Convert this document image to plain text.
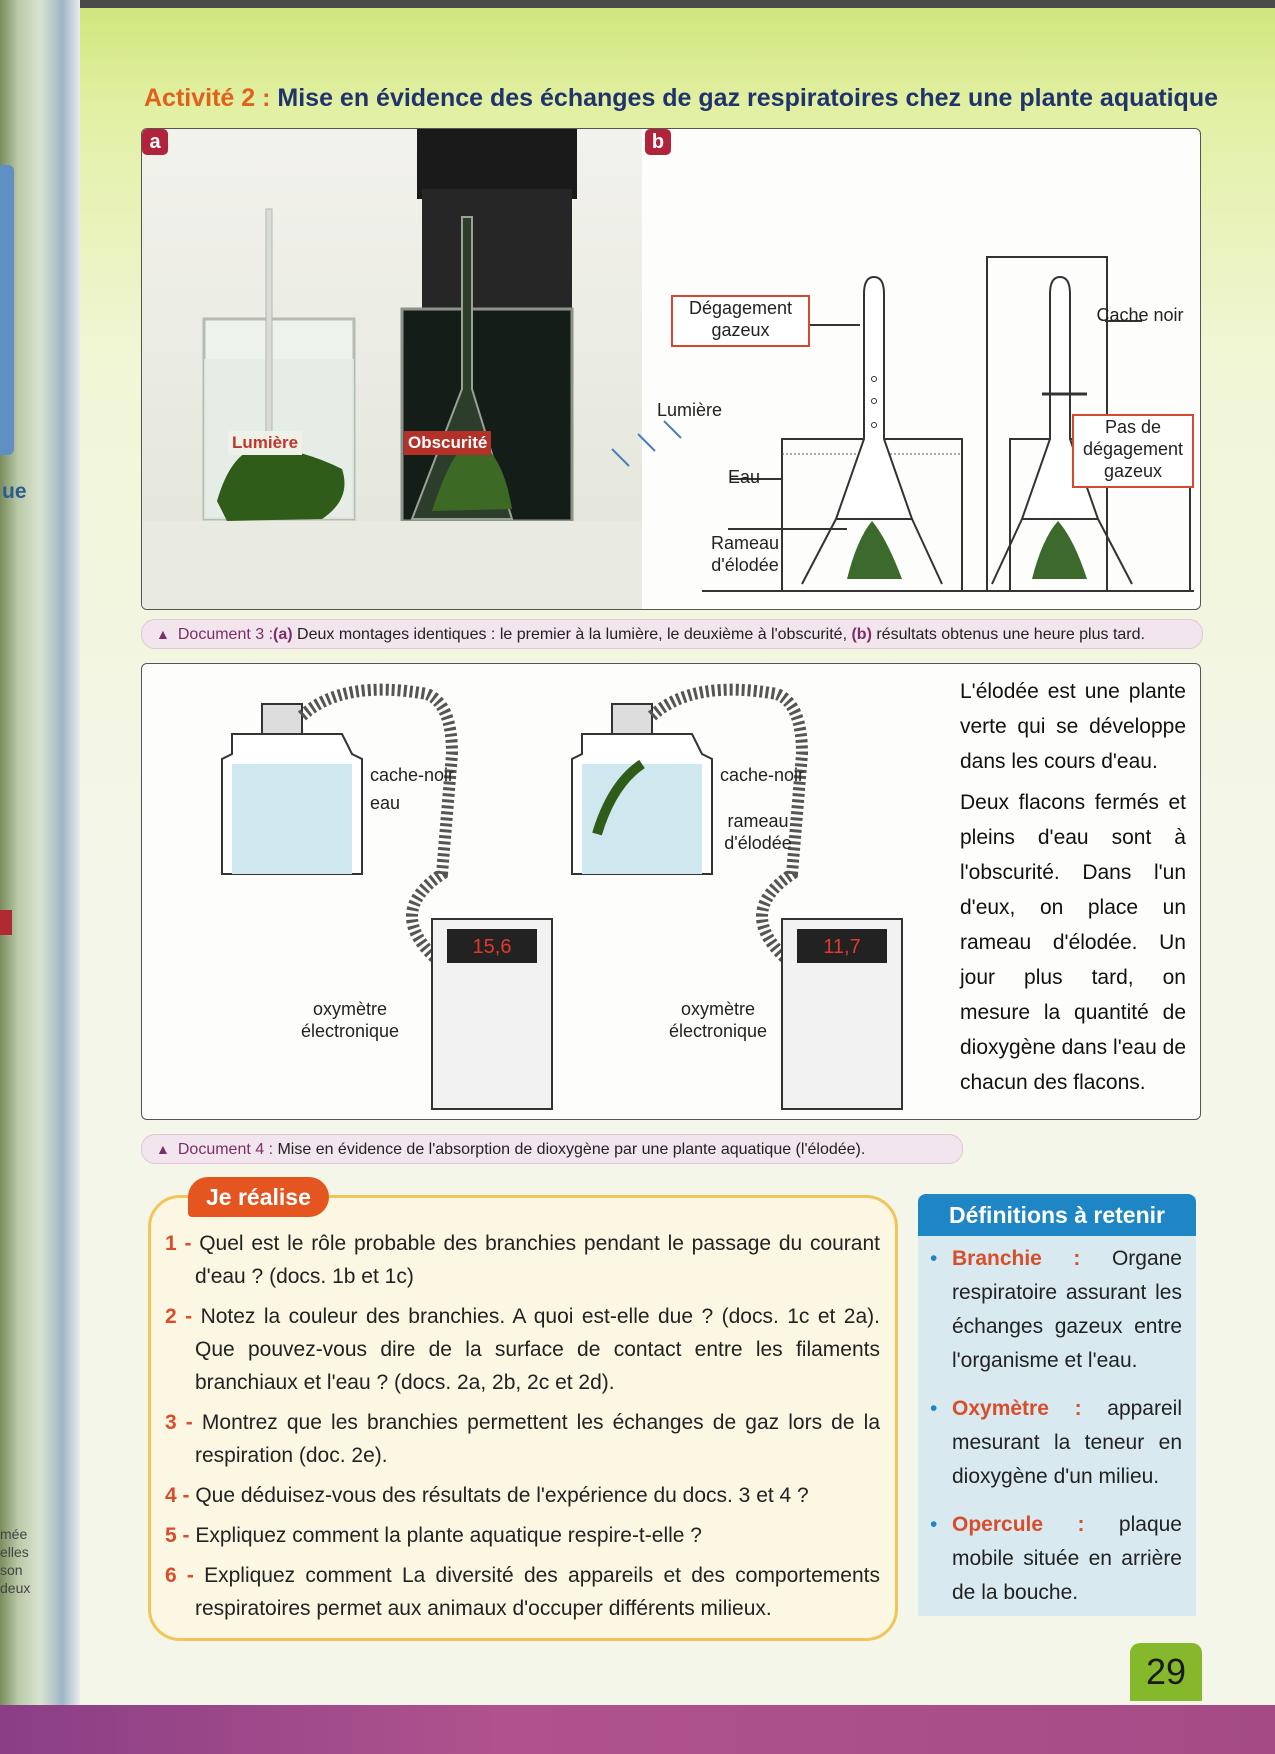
ue
mée
elles
son
deux
Activité 2 : Mise en évidence des échanges de gaz respiratoires chez une plante aquatique
Lumière	Obscurité
a	b
Dégagement gazeux
Lumière
Eau
Rameau d'élodée
Cache noir
Pas de dégagement gazeux
▲ Document 3 :(a) Deux montages identiques : le premier à la lumière, le deuxième à l'obscurité, (b) résultats obtenus une heure plus tard.
15,6	11,7
cache-noir
eau
oxymètre électronique
cache-noir
rameau d'élodée
oxymètre électronique

L'élodée est une plante verte qui se développe dans les cours d'eau.

Deux flacons fermés et pleins d'eau sont à l'obscurité. Dans l'un d'eux, on place un rameau d'élodée. Un jour plus tard, on mesure la quantité de dioxygène dans l'eau de chacun des flacons.

▲ Document 4 : Mise en évidence de l'absorption de dioxygène par une plante aquatique (l'élodée).
Je réalise
1 - Quel est le rôle probable des branchies pendant le passage du courant d'eau ? (docs. 1b et 1c)
2 - Notez la couleur des branchies. A quoi est-elle due ? (docs. 1c et 2a). Que pouvez-vous dire de la surface de contact entre les filaments branchiaux et l'eau ? (docs. 2a, 2b, 2c et 2d).
3 - Montrez que les branchies permettent les échanges de gaz lors de la respiration (doc. 2e).
4 - Que déduisez-vous des résultats de l'expérience du docs. 3 et 4 ?
5 - Expliquez comment la plante aquatique respire-t-elle ?
6 - Expliquez comment La diversité des appareils et des comportements respiratoires permet aux animaux d'occuper différents milieux.
Définitions à retenir
• Branchie : Organe respiratoire assurant les échanges gazeux entre l'organisme et l'eau.
• Oxymètre : appareil mesurant la teneur en dioxygène d'un milieu.
• Opercule : plaque mobile située en arrière de la bouche.
29
